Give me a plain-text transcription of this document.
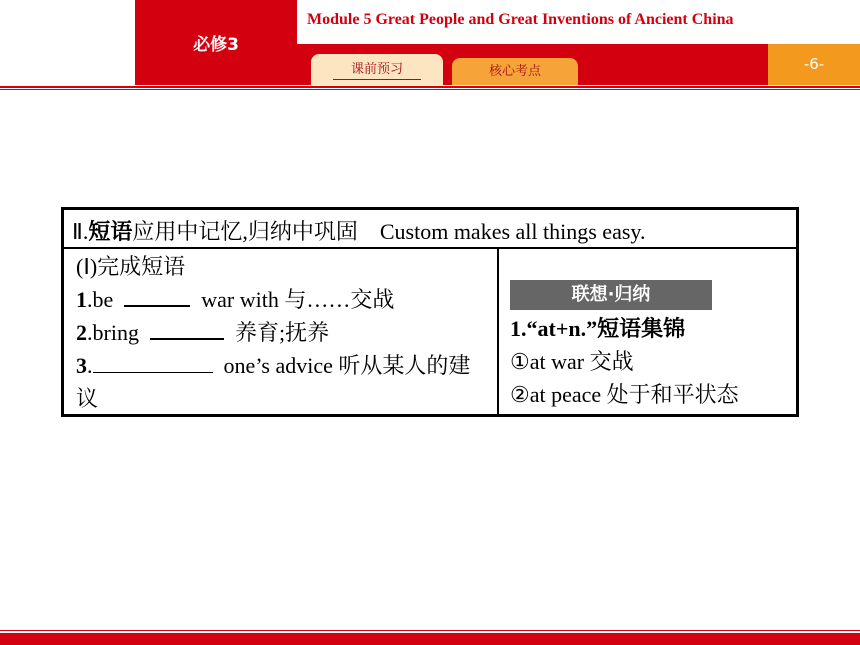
必修3
Module 5 Great People and Great Inventions of Ancient China
课前预习	核心考点	-6-
Ⅱ.短语应用中记忆,归纳中巩固 Custom makes all things easy.
(Ⅰ)完成短语
1.be	war with 与……交战
2.bring	养育;抚养
3.	one’s advice 听从某人的建议
联想·归纳
1.“at+n.”短语集锦
①at war 交战
②at peace 处于和平状态
